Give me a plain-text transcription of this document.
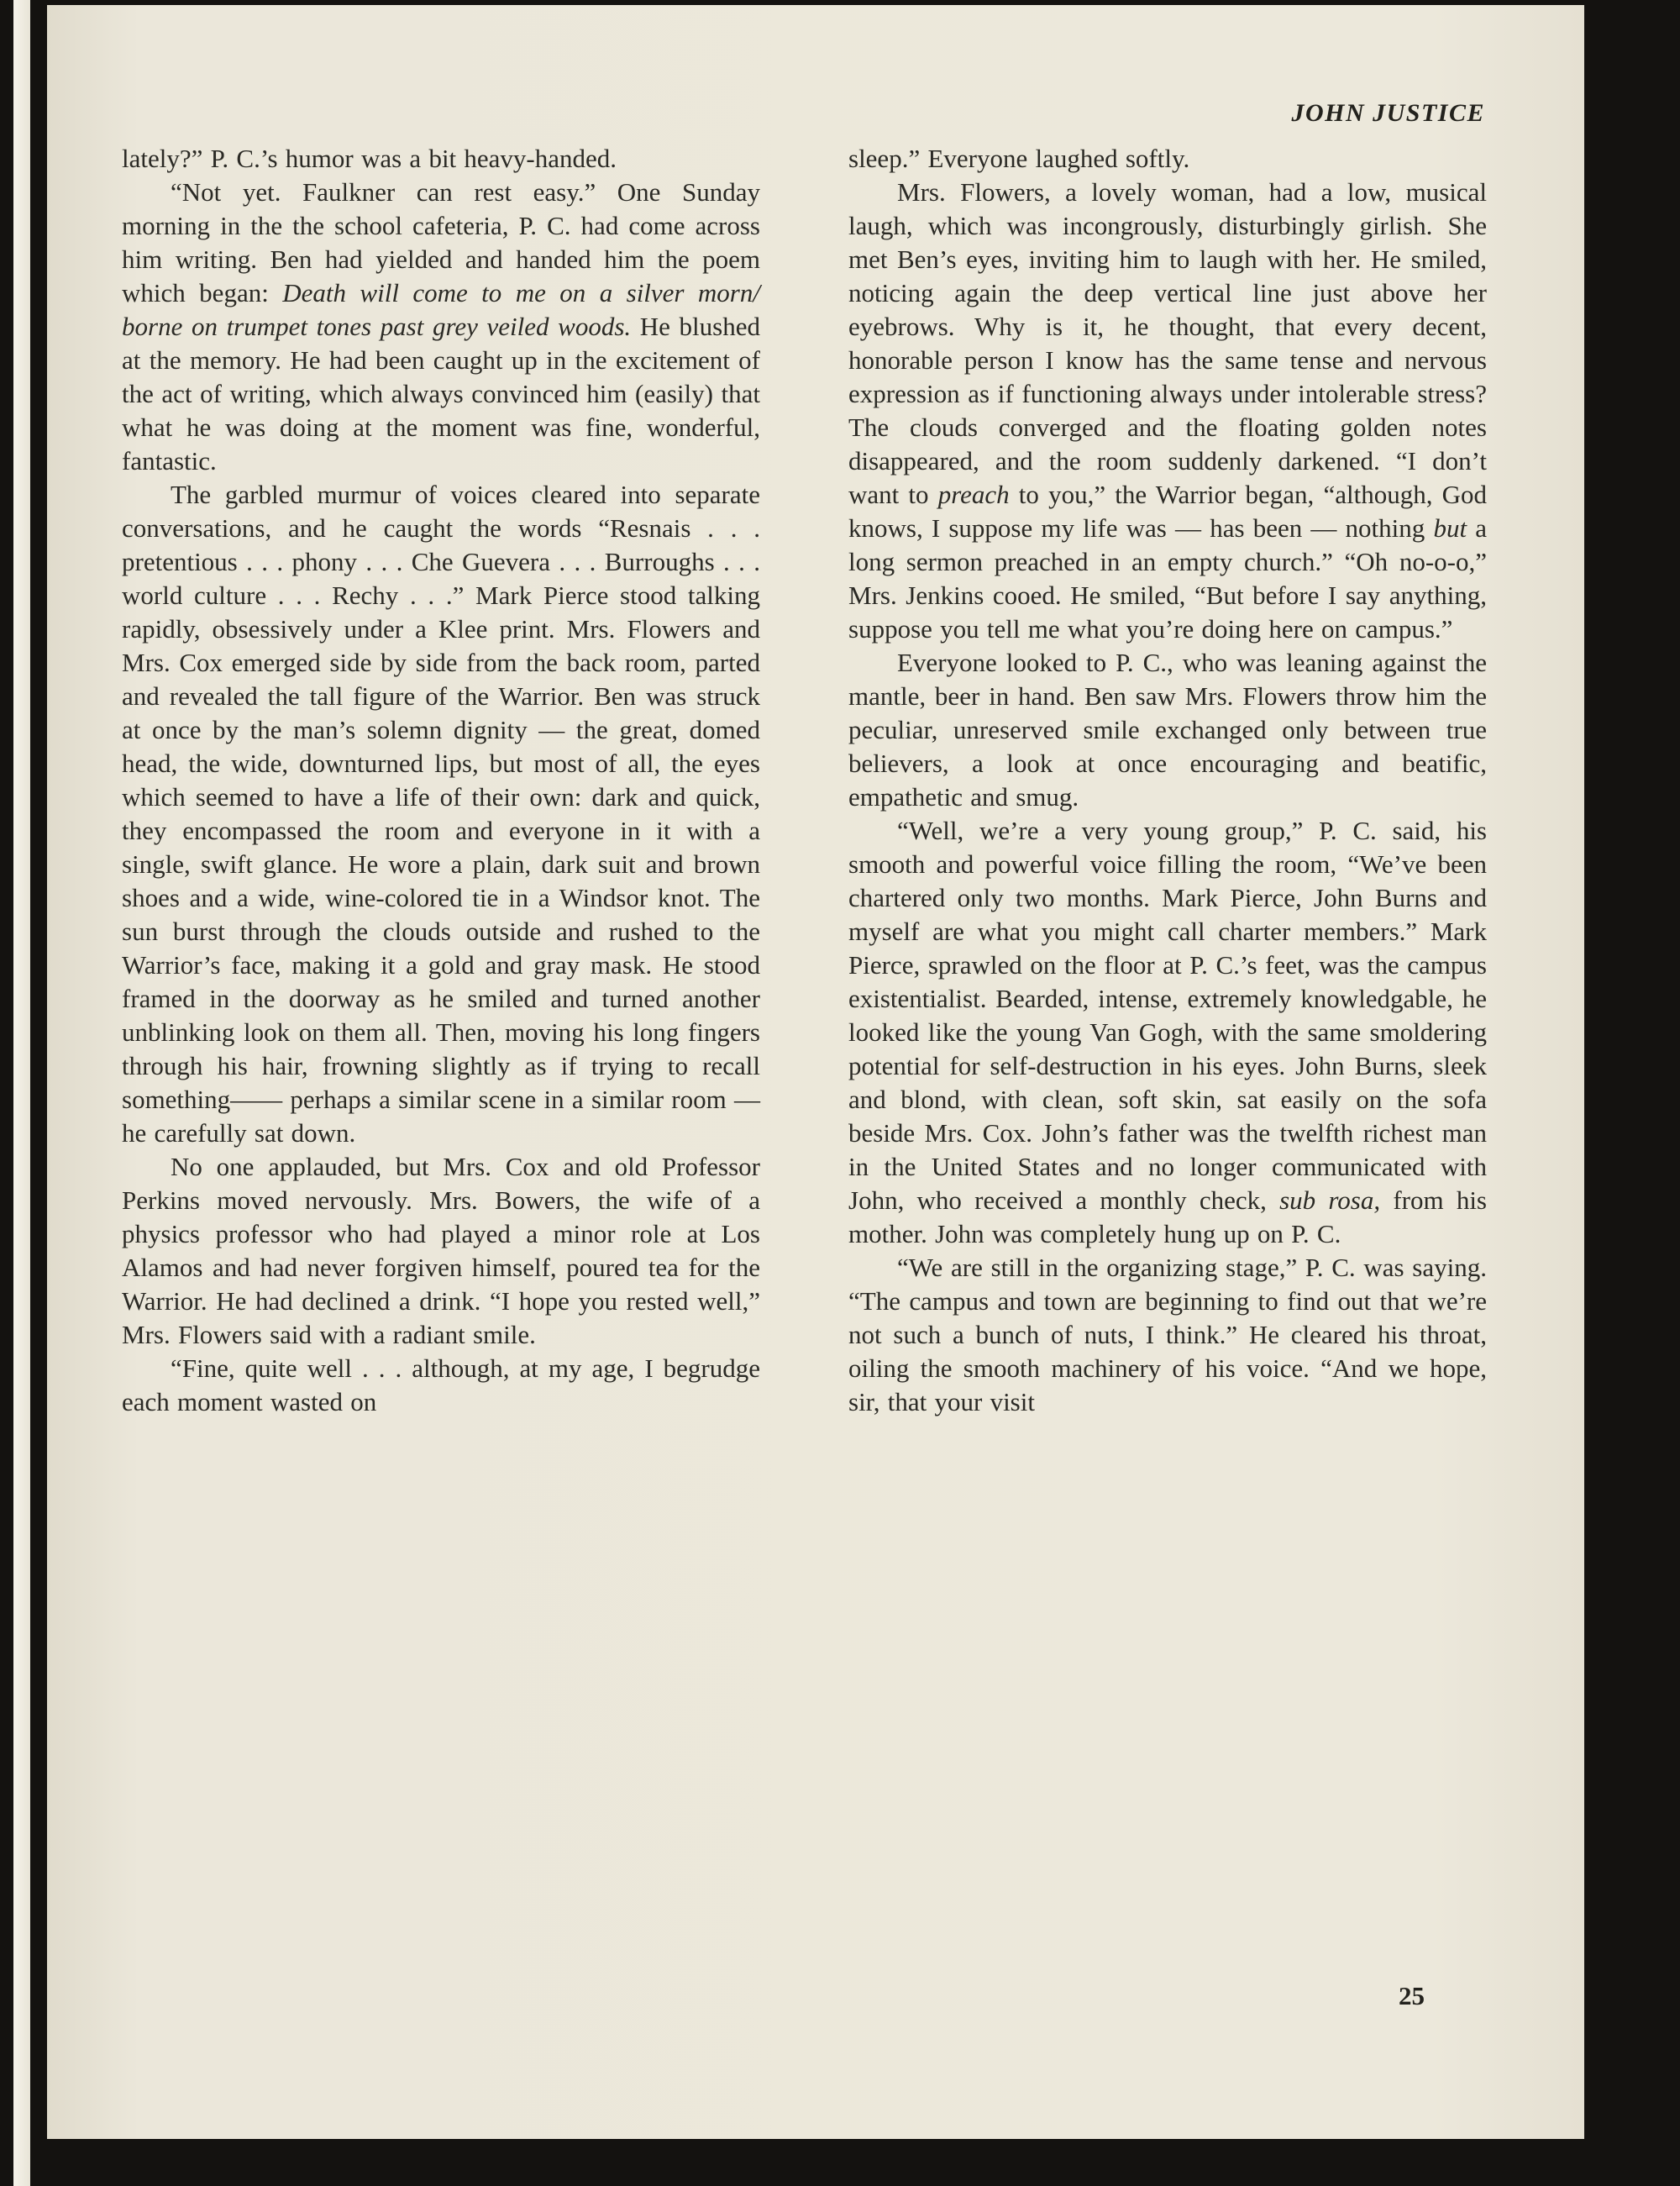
JOHN JUSTICE

lately?” P. C.’s humor was a bit heavy-handed.

“Not yet. Faulkner can rest easy.” One Sunday morning in the the school cafeteria, P. C. had come across him writing. Ben had yielded and handed him the poem which began: Death will come to me on a silver morn/ borne on trumpet tones past grey veiled woods. He blushed at the memory. He had been caught up in the excitement of the act of writing, which always convinced him (easily) that what he was doing at the moment was fine, wonderful, fantastic.

The garbled murmur of voices cleared into separate conversations, and he caught the words “Resnais . . . pretentious . . . phony . . . Che Guevera . . . Burroughs . . . world culture . . . Rechy . . .” Mark Pierce stood talking rapidly, obsessively under a Klee print. Mrs. Flowers and Mrs. Cox emerged side by side from the back room, parted and revealed the tall figure of the Warrior. Ben was struck at once by the man’s solemn dignity — the great, domed head, the wide, downturned lips, but most of all, the eyes which seemed to have a life of their own: dark and quick, they encompassed the room and everyone in it with a single, swift glance. He wore a plain, dark suit and brown shoes and a wide, wine-colored tie in a Windsor knot. The sun burst through the clouds outside and rushed to the Warrior’s face, making it a gold and gray mask. He stood framed in the doorway as he smiled and turned another unblinking look on them all. Then, moving his long fingers through his hair, frowning slightly as if trying to recall something—— perhaps a similar scene in a similar room — he carefully sat down.

No one applauded, but Mrs. Cox and old Professor Perkins moved nervously. Mrs. Bowers, the wife of a physics professor who had played a minor role at Los Alamos and had never forgiven himself, poured tea for the Warrior. He had declined a drink. “I hope you rested well,” Mrs. Flowers said with a radiant smile.

“Fine, quite well . . . although, at my age, I begrudge each moment wasted on

sleep.” Everyone laughed softly.

Mrs. Flowers, a lovely woman, had a low, musical laugh, which was incongrously, disturbingly girlish. She met Ben’s eyes, inviting him to laugh with her. He smiled, noticing again the deep vertical line just above her eyebrows. Why is it, he thought, that every decent, honorable person I know has the same tense and nervous expression as if functioning always under intolerable stress? The clouds converged and the floating golden notes disappeared, and the room suddenly darkened. “I don’t want to preach to you,” the Warrior began, “although, God knows, I suppose my life was — has been — nothing but a long sermon preached in an empty church.” “Oh no-o-o,” Mrs. Jenkins cooed. He smiled, “But before I say anything, suppose you tell me what you’re doing here on campus.”

Everyone looked to P. C., who was leaning against the mantle, beer in hand. Ben saw Mrs. Flowers throw him the peculiar, unreserved smile exchanged only between true believers, a look at once encouraging and beatific, empathetic and smug.

“Well, we’re a very young group,” P. C. said, his smooth and powerful voice filling the room, “We’ve been chartered only two months. Mark Pierce, John Burns and myself are what you might call charter members.” Mark Pierce, sprawled on the floor at P. C.’s feet, was the campus existentialist. Bearded, intense, extremely knowledgable, he looked like the young Van Gogh, with the same smoldering potential for self-destruction in his eyes. John Burns, sleek and blond, with clean, soft skin, sat easily on the sofa beside Mrs. Cox. John’s father was the twelfth richest man in the United States and no longer communicated with John, who received a monthly check, sub rosa, from his mother. John was completely hung up on P. C.

“We are still in the organizing stage,” P. C. was saying. “The campus and town are beginning to find out that we’re not such a bunch of nuts, I think.” He cleared his throat, oiling the smooth machinery of his voice. “And we hope, sir, that your visit

25
